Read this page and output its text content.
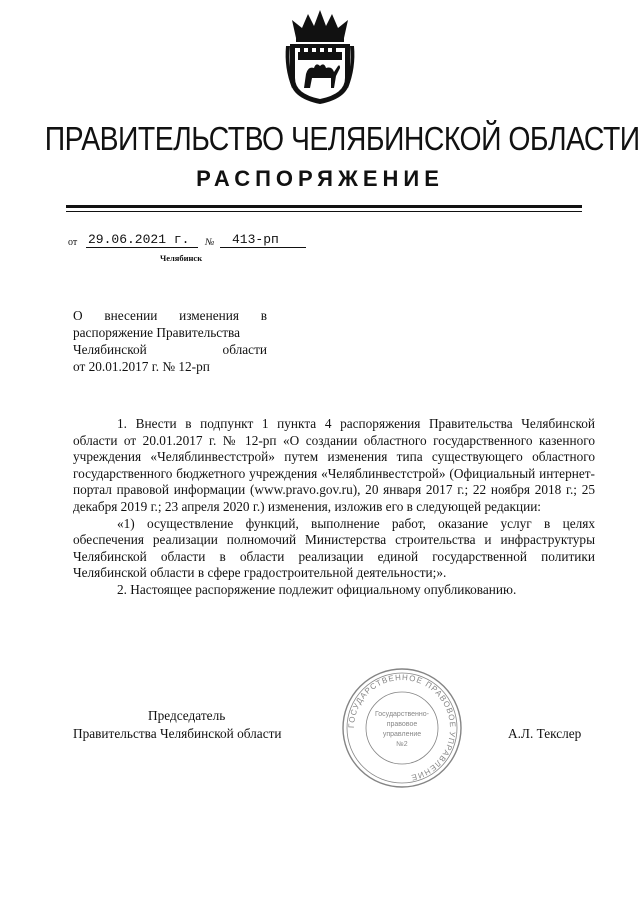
ПРАВИТЕЛЬСТВО ЧЕЛЯБИНСКОЙ ОБЛАСТИ
РАСПОРЯЖЕНИЕ
от 29.06.2021 г.	№	413-рп
Челябинск
О внесении изменения в
распоряжение Правительства
Челябинской области
от 20.01.2017 г. № 12-рп

1. Внести в подпункт 1 пункта 4 распоряжения Правительства Челябинской области от 20.01.2017 г. № 12-рп «О создании областного государственного казенного учреждения «Челяблинвестстрой» путем изменения типа существующего областного государственного бюджетного учреждения «Челяблинвестстрой» (Официальный интернет-портал правовой информации (www.pravo.gov.ru), 20 января 2017 г.; 22 ноября 2018 г.; 25 декабря 2019 г.; 23 апреля 2020 г.) изменения, изложив его в следующей редакции:

«1) осуществление функций, выполнение работ, оказание услуг в целях обеспечения реализации полномочий Министерства строительства и инфраструктуры Челябинской области в области реализации единой государственной политики Челябинской области в сфере градостроительной деятельности;».

2. Настоящее распоряжение подлежит официальному опубликованию.

ГОСУДАРСТВЕННОЕ ПРАВОВОЕ УПРАВЛЕНИЕ
Государственно-
правовое
управление
№2
Председатель
Правительства Челябинской области	А.Л. Текслер
